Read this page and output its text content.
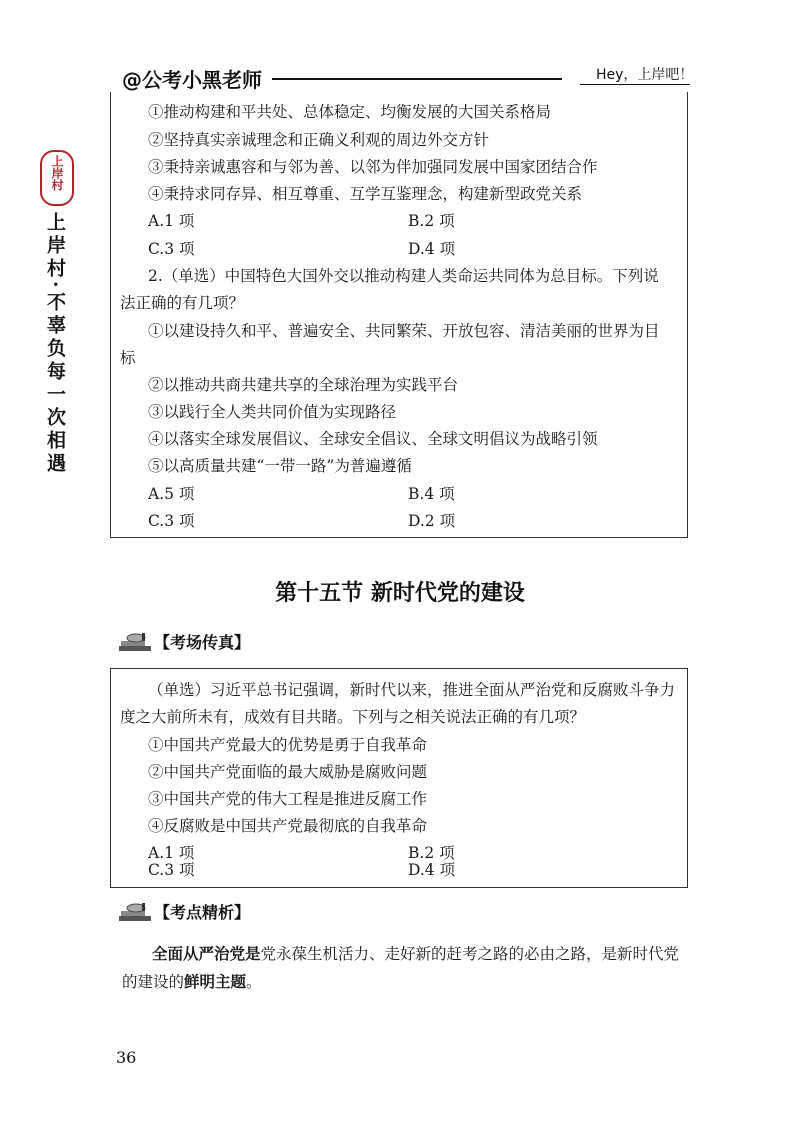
@公考小黑老师	Hey，上岸吧！
上岸村
上岸村·不辜负每一次相遇
①推动构建和平共处、总体稳定、均衡发展的大国关系格局
②坚持真实亲诚理念和正确义利观的周边外交方针
③秉持亲诚惠容和与邻为善、以邻为伴加强同发展中国家团结合作
④秉持求同存异、相互尊重、互学互鉴理念，构建新型政党关系
A.1 项	B.2 项
C.3 项	D.4 项
2.（单选）中国特色大国外交以推动构建人类命运共同体为总目标。下列说
法正确的有几项？
①以建设持久和平、普遍安全、共同繁荣、开放包容、清洁美丽的世界为目
标
②以推动共商共建共享的全球治理为实践平台
③以践行全人类共同价值为实现路径
④以落实全球发展倡议、全球安全倡议、全球文明倡议为战略引领
⑤以高质量共建“一带一路”为普遍遵循
A.5 项	B.4 项
C.3 项	D.2 项
第十五节 新时代党的建设
【考场传真】
（单选）习近平总书记强调，新时代以来，推进全面从严治党和反腐败斗争力
度之大前所未有，成效有目共睹。下列与之相关说法正确的有几项？
①中国共产党最大的优势是勇于自我革命
②中国共产党面临的最大威胁是腐败问题
③中国共产党的伟大工程是推进反腐工作
④反腐败是中国共产党最彻底的自我革命
A.1 项	B.2 项
C.3 项	D.4 项
【考点精析】
全面从严治党是党永葆生机活力、走好新的赶考之路的必由之路，是新时代党的建设的鲜明主题。
36
